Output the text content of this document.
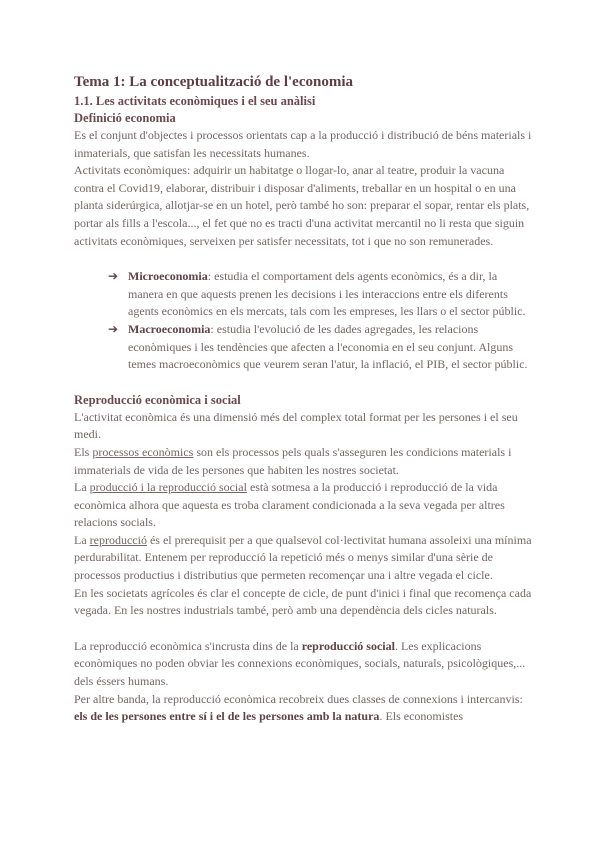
Tema 1: La conceptualització de l'economia
1.1. Les activitats econòmiques i el seu anàlisi
Definició economia

Es el conjunt d'objectes i processos orientats cap a la producció i distribució de béns materials i inmaterials, que satisfan les necessitats humanes.

Activitats econòmiques: adquirir un habitatge o llogar-lo, anar al teatre, produir la vacuna contra el Covid19, elaborar, distribuir i disposar d'aliments, treballar en un hospital o en una planta siderúrgica, allotjar-se en un hotel, però també ho son: preparar el sopar, rentar els plats, portar als fills a l'escola..., el fet que no es tracti d'una activitat mercantil no li resta que siguin activitats econòmiques, serveixen per satisfer necessitats, tot i que no son remunerades.

➔ Microeconomia: estudia el comportament dels agents econòmics, és a dir, la manera en que aquests prenen les decisions i les interaccions entre els diferents agents econòmics en els mercats, tals com les empreses, les llars o el sector públic.
➔ Macroeconomia: estudia l'evolució de les dades agregades, les relacions econòmiques i les tendències que afecten a l'economia en el seu conjunt. Alguns temes macroeconòmics que veurem seran l'atur, la inflació, el PIB, el sector públic.
Reproducció econòmica i social

L'activitat econòmica és una dimensió més del complex total format per les persones i el seu medi.

Els processos econòmics son els processos pels quals s'asseguren les condicions materials i immaterials de vida de les persones que habiten les nostres societat.

La producció i la reproducció social està sotmesa a la producció i reproducció de la vida econòmica alhora que aquesta es troba clarament condicionada a la seva vegada per altres relacions socials.

La reproducció és el prerequisit per a que qualsevol col·lectivitat humana assoleixi una mínima perdurabilitat. Entenem per reproducció la repetició més o menys similar d'una sèrie de processos productius i distributius que permeten recomençar una i altre vegada el cicle.

En les societats agrícoles és clar el concepte de cicle, de punt d'inici i final que recomença cada vegada. En les nostres industrials també, però amb una dependència dels cicles naturals.

La reproducció econòmica s'incrusta dins de la reproducció social. Les explicacions econòmiques no poden obviar les connexions econòmiques, socials, naturals, psicològiques,... dels éssers humans.

Per altre banda, la reproducció econòmica recobreix dues classes de connexions i intercanvis: els de les persones entre sí i el de les persones amb la natura. Els economistes
